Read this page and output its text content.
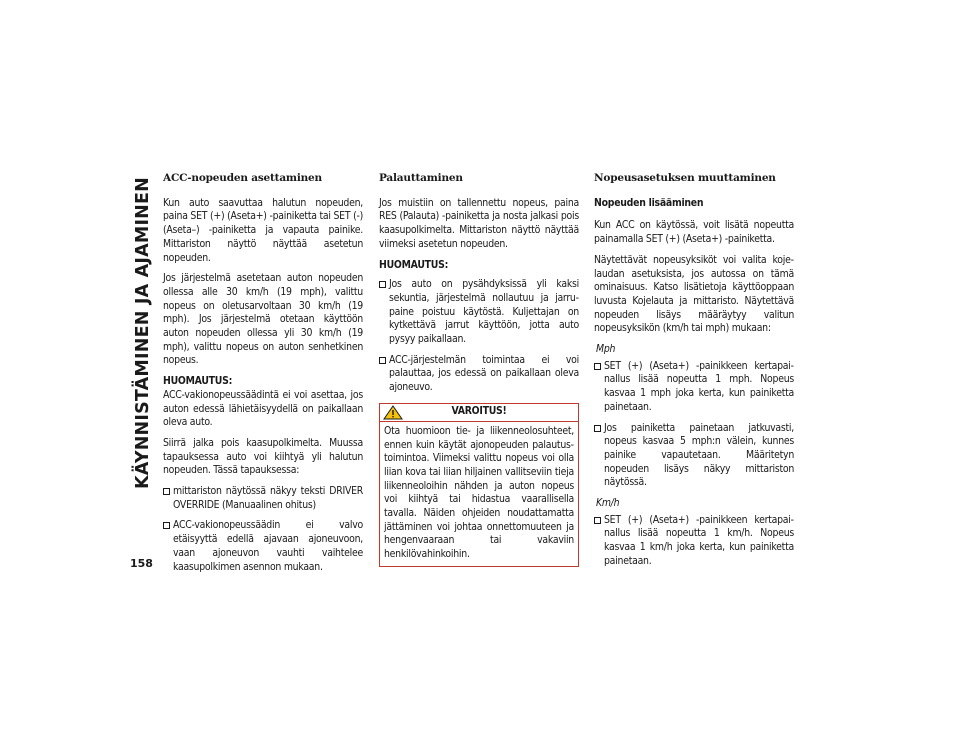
KÄYNNISTÄMINEN JA AJAMINEN
158
ACC-nopeuden asettaminen

Kun auto saavuttaa halutun nopeuden, paina SET (+) (Aseta+) -painiketta tai SET (-) (Aseta–) -painiketta ja vapauta painike. Mittariston näyttö näyttää asetetun nopeuden.

Jos järjestelmä asetetaan auton nopeuden ollessa alle 30 km/h (19 mph), valittu nopeus on oletusarvoltaan 30 km/h (19 mph). Jos järjestelmä otetaan käyttöön auton nopeuden ollessa yli 30 km/h (19 mph), valittu nopeus on auton senhetkinen nopeus.

HUOMAUTUS:

ACC-vakionopeussäädintä ei voi asettaa, jos auton edessä lähietäisyydellä on paikallaan oleva auto.

Siirrä jalka pois kaasupolkimelta. Muussa tapauksessa auto voi kiihtyä yli halutun nopeuden. Tässä tapauksessa:

mittariston näytössä näkyy teksti DRIVER OVERRIDE (Manuaalinen ohitus)
ACC-vakionopeussäädin ei valvo etäisyyttä edellä ajavaan ajoneuvoon, vaan ajoneuvon vauhti vaihtelee kaasupolkimen asennon mukaan.
Palauttaminen

Jos muistiin on tallennettu nopeus, paina RES (Palauta) -painiketta ja nosta jalkasi pois kaasupolkimelta. Mittariston näyttö näyttää viimeksi asetetun nopeuden.

HUOMAUTUS:
Jos auto on pysähdyksissä yli kaksi sekuntia, järjestelmä nollautuu ja jarrupaine poistuu käytöstä. Kuljettajan on kytkettävä jarrut käyttöön, jotta auto pysyy paikallaan.
ACC-järjestelmän toimintaa ei voi palauttaa, jos edessä on paikallaan oleva ajoneuvo.
VAROITUS!

Ota huomioon tie- ja liikenneolosuhteet, ennen kuin käytät ajonopeuden palautustoimintoa. Viimeksi valittu nopeus voi olla liian kova tai liian hiljainen vallitseviin tieja liikenneoloihin nähden ja auton nopeus voi kiihtyä tai hidastua vaarallisella tavalla. Näiden ohjeiden noudattamatta jättäminen voi johtaa onnettomuuteen ja hengenvaaraan tai vakaviin henkilövahinkoihin.

Nopeusasetuksen muuttaminen
Nopeuden lisääminen

Kun ACC on käytössä, voit lisätä nopeutta painamalla SET (+) (Aseta+) -painiketta.

Näytettävät nopeusyksiköt voi valita kojelaudan asetuksista, jos autossa on tämä ominaisuus. Katso lisätietoja käyttöoppaan luvusta Kojelauta ja mittaristo. Näytettävä nopeuden lisäys määräytyy valitun nopeusyksikön (km/h tai mph) mukaan:

Mph

SET (+) (Aseta+) -painikkeen kertapainallus lisää nopeutta 1 mph. Nopeus kasvaa 1 mph joka kerta, kun painiketta painetaan.
Jos painiketta painetaan jatkuvasti, nopeus kasvaa 5 mph:n välein, kunnes painike vapautetaan. Määritetyn nopeuden lisäys näkyy mittariston näytössä.

Km/h

SET (+) (Aseta+) -painikkeen kertapainallus lisää nopeutta 1 km/h. Nopeus kasvaa 1 km/h joka kerta, kun painiketta painetaan.
